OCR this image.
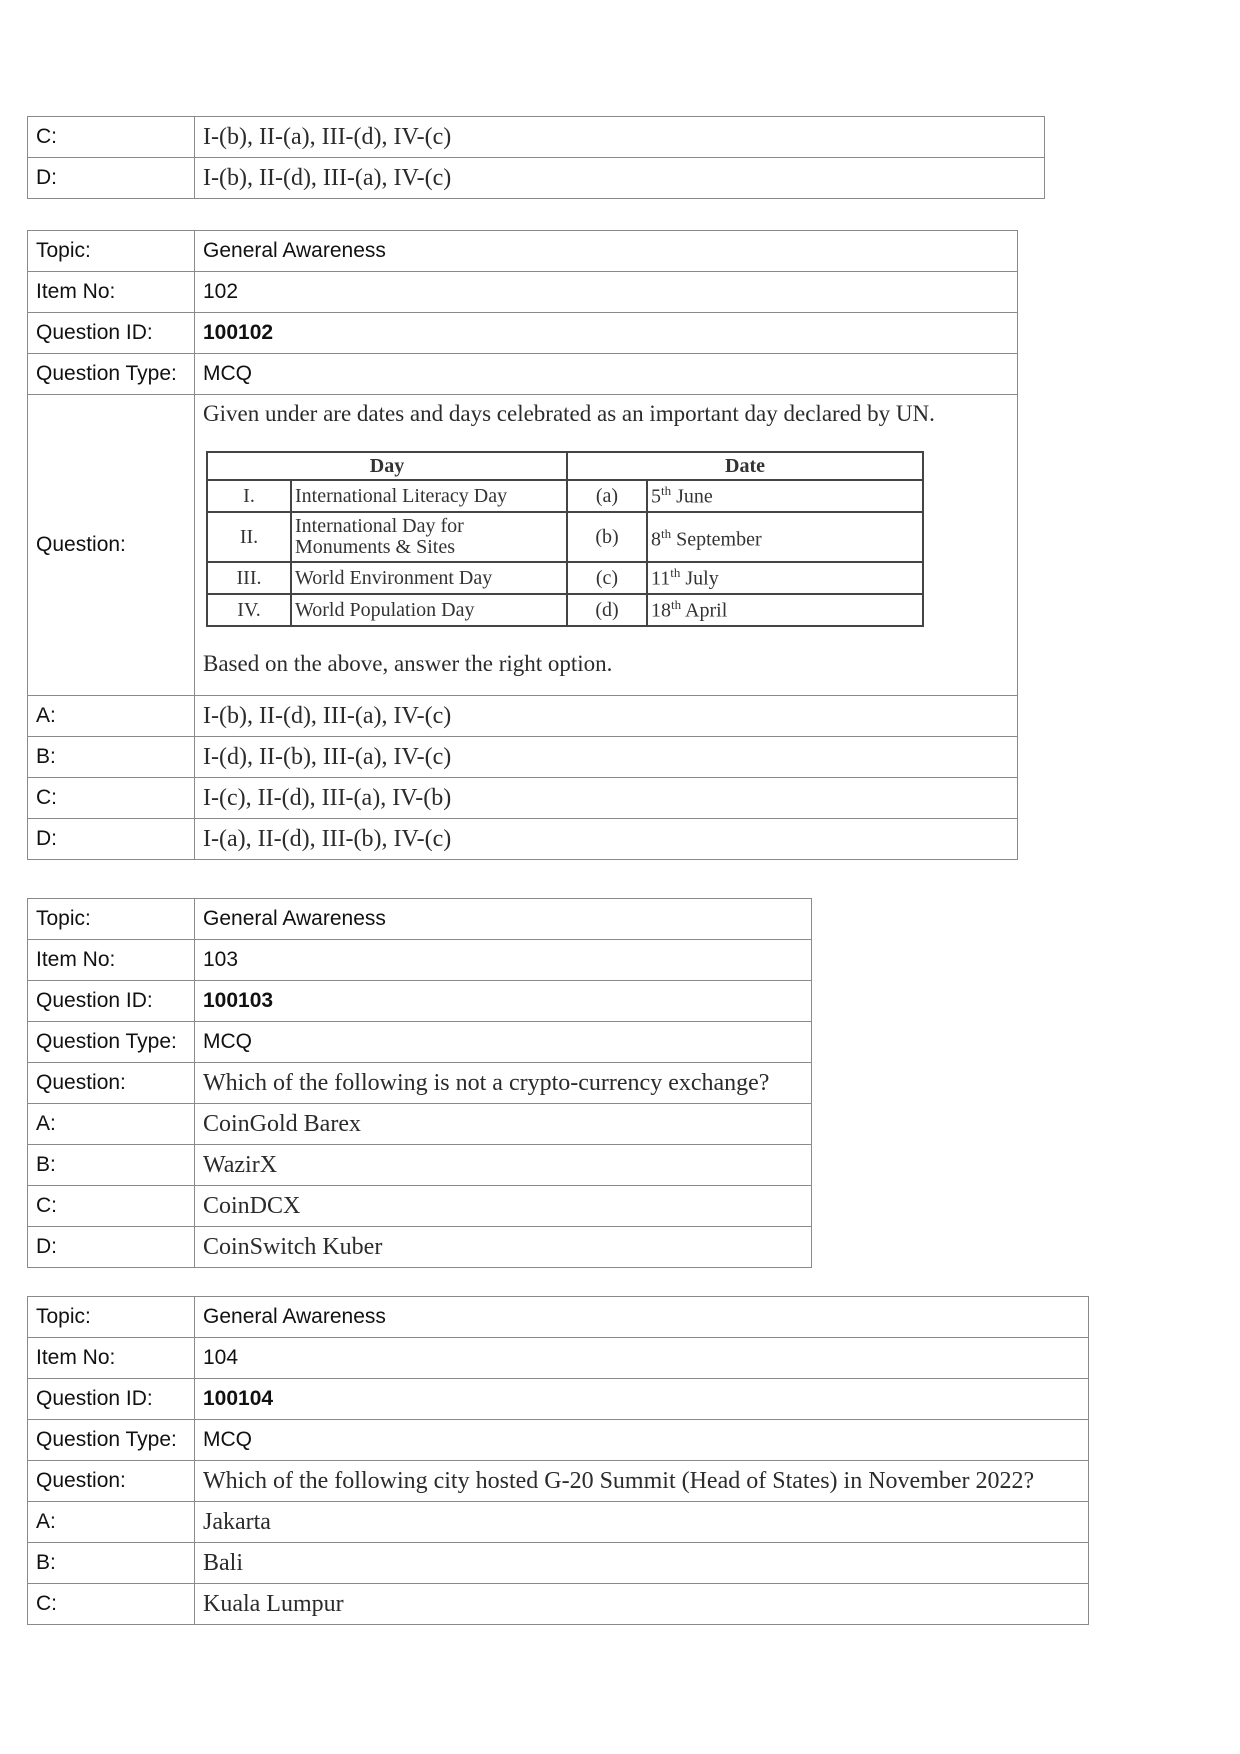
C:	I-(b), II-(a), III-(d), IV-(c)
D:	I-(b), II-(d), III-(a), IV-(c)
Topic:	General Awareness
Item No:	102
Question ID:	100102
Question Type:	MCQ
Question:	
Given under are dates and days celebrated as an important day declared by UN.
Day	Date
I.	International Literacy Day	(a)	5th June
II.	International Day for Monuments & Sites	(b)	8th September
III.	World Environment Day	(c)	11th July
IV.	World Population Day	(d)	18th April
Based on the above, answer the right option.

A:	I-(b), II-(d), III-(a), IV-(c)
B:	I-(d), II-(b), III-(a), IV-(c)
C:	I-(c), II-(d), III-(a), IV-(b)
D:	I-(a), II-(d), III-(b), IV-(c)
Topic:	General Awareness
Item No:	103
Question ID:	100103
Question Type:	MCQ
Question:	Which of the following is not a crypto-currency exchange?
A:	CoinGold Barex
B:	WazirX
C:	CoinDCX
D:	CoinSwitch Kuber
Topic:	General Awareness
Item No:	104
Question ID:	100104
Question Type:	MCQ
Question:	Which of the following city hosted G-20 Summit (Head of States) in November 2022?
A:	Jakarta
B:	Bali
C:	Kuala Lumpur
